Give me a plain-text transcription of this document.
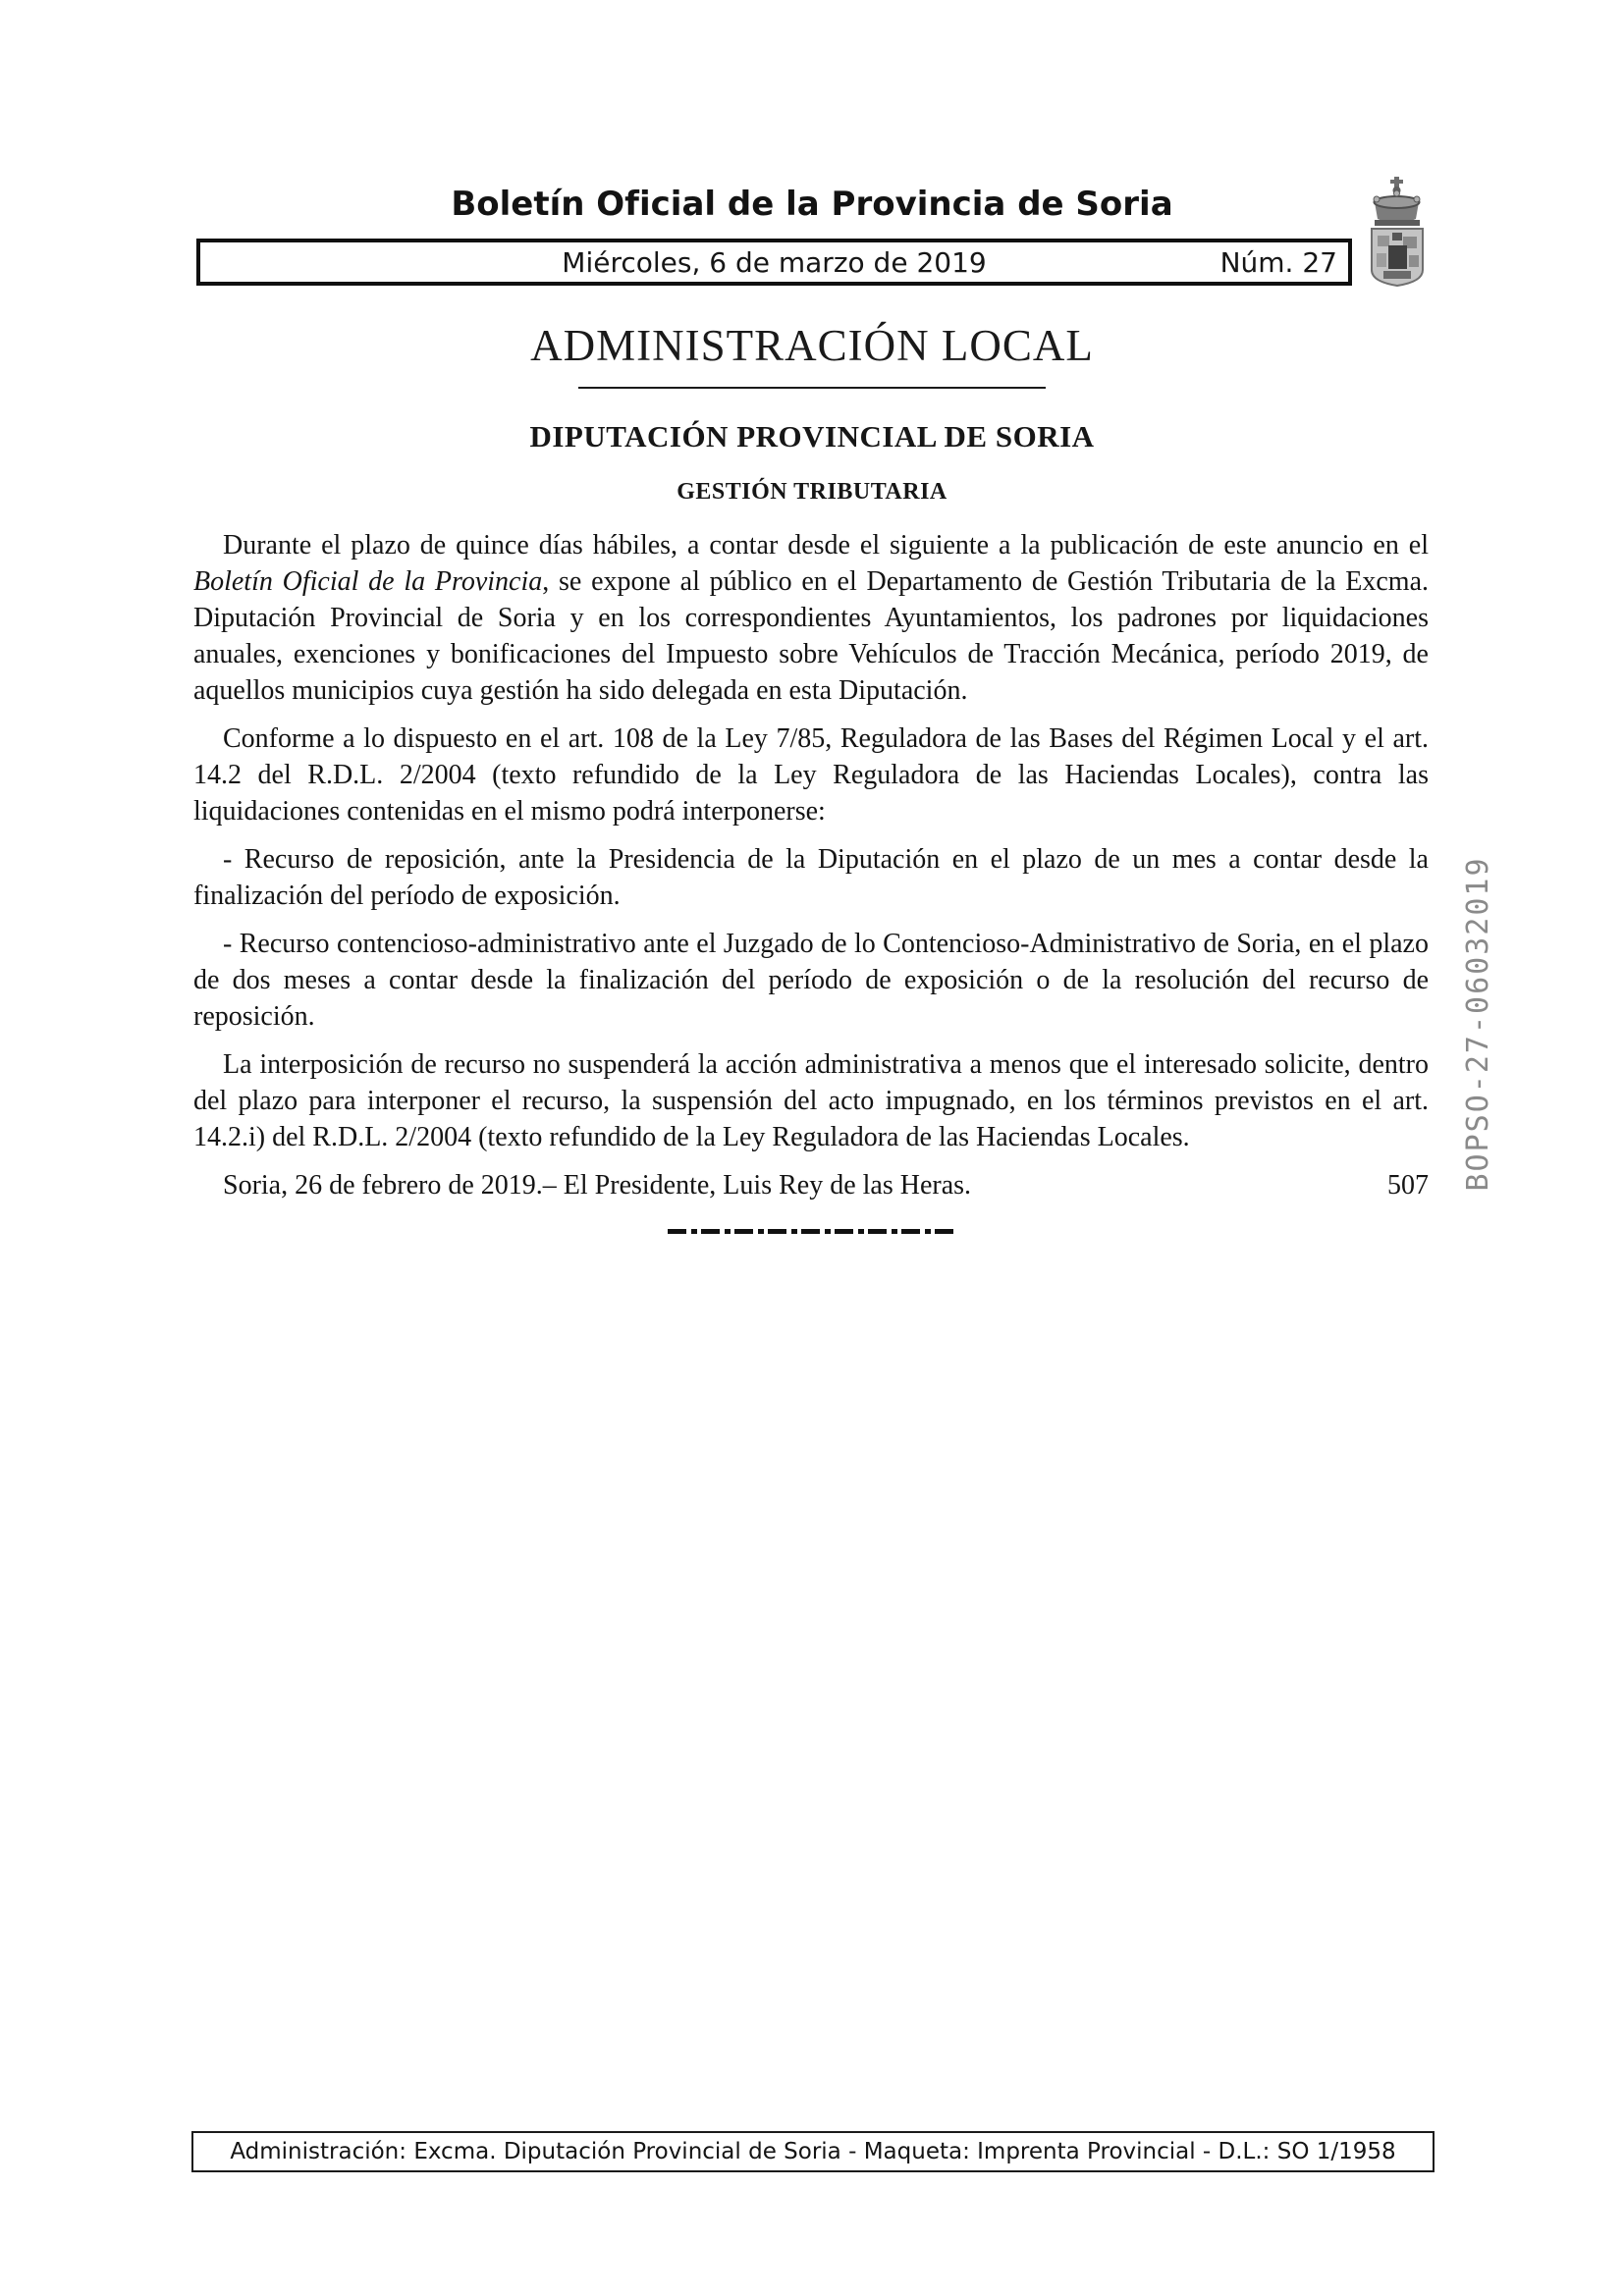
Boletín Oficial de la Provincia de Soria
Miércoles, 6 de marzo de 2019	Núm. 27
ADMINISTRACIÓN LOCAL
DIPUTACIÓN PROVINCIAL DE SORIA
GESTIÓN TRIBUTARIA

Durante el plazo de quince días hábiles, a contar desde el siguiente a la publicación de este anuncio en el Boletín Oficial de la Provincia, se expone al público en el Departamento de Gestión Tributaria de la Excma. Diputación Provincial de Soria y en los correspondientes Ayuntamientos, los padrones por liquidaciones anuales, exenciones y bonificaciones del Impuesto sobre Vehículos de Tracción Mecánica, período 2019, de aquellos municipios cuya gestión ha sido delegada en esta Diputación.

Conforme a lo dispuesto en el art. 108 de la Ley 7/85, Reguladora de las Bases del Régimen Local y el art. 14.2 del R.D.L. 2/2004 (texto refundido de la Ley Reguladora de las Haciendas Locales), contra las liquidaciones contenidas en el mismo podrá interponerse:

- Recurso de reposición, ante la Presidencia de la Diputación en el plazo de un mes a contar desde la finalización del período de exposición.

- Recurso contencioso-administrativo ante el Juzgado de lo Contencioso-Administrativo de Soria, en el plazo de dos meses a contar desde la finalización del período de exposición o de la resolución del recurso de reposición.

La interposición de recurso no suspenderá la acción administrativa a menos que el interesado solicite, dentro del plazo para interponer el recurso, la suspensión del acto impugnado, en los términos previstos en el art. 14.2.i) del R.D.L. 2/2004 (texto refundido de la Ley Reguladora de las Haciendas Locales.

Soria, 26 de febrero de 2019.– El Presidente, Luis Rey de las Heras.	507 BOPSO-27-06032019
Administración: Excma. Diputación Provincial de Soria - Maqueta: Imprenta Provincial - D.L.: SO 1/1958
